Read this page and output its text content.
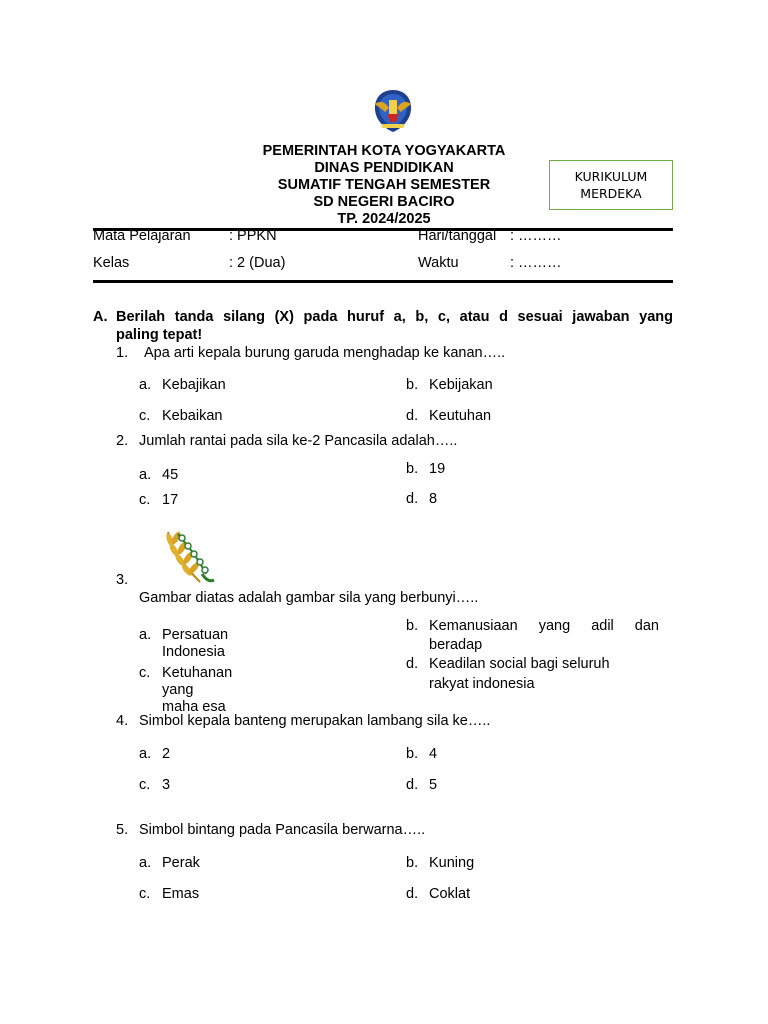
PEMERINTAH KOTA YOGYAKARTA
DINAS PENDIDIKAN
SUMATIF TENGAH SEMESTER
SD NEGERI BACIRO
TP. 2024/2025
KURIKULUM
MERDEKA
Mata Pelajaran	: PPKN	Hari/tanggal : ………
Kelas	: 2 (Dua)	Waktu	: ………
A. Berilah tanda silang (X) pada huruf a, b, c, atau d sesuai jawaban yang
paling tepat!
1. Apa arti kepala burung garuda menghadap ke kanan…..
a. Kebajikan	b. Kebijakan
c. Kebaikan	d. Keutuhan
2. Jumlah rantai pada sila ke-2 Pancasila adalah…..
a. 45	b. 19
c. 17	d. 8
3.
Gambar diatas adalah gambar sila yang berbunyi…..
a. Persatuan Indonesia
b. Kemanusiaan yang adil dan
beradap
c. Ketuhanan yang maha esa
d. Keadilan social bagi seluruh
rakyat indonesia
4. Simbol kepala banteng merupakan lambang sila ke…..
a. 2	b. 4
c. 3	d. 5
5. Simbol bintang pada Pancasila berwarna…..
a. Perak	b. Kuning
c. Emas	d. Coklat
